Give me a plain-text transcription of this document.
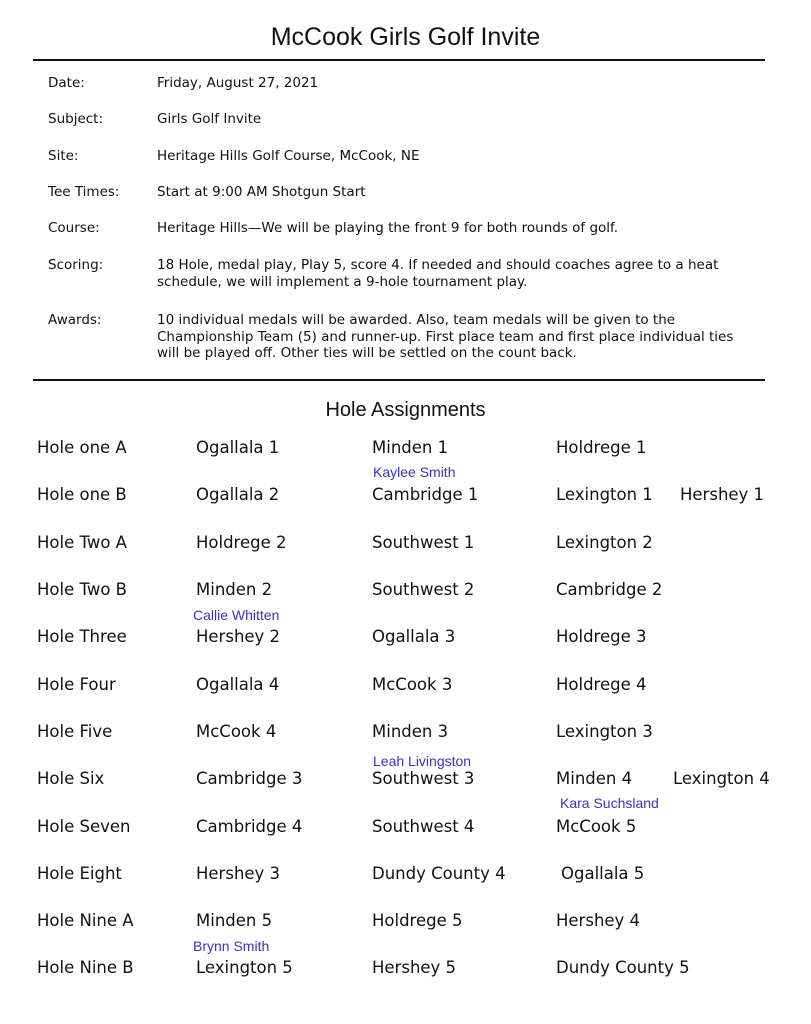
McCook Girls Golf Invite
Date:	Friday, August 27, 2021
Subject:	Girls Golf Invite
Site:	Heritage Hills Golf Course, McCook, NE
Tee Times:	Start at 9:00 AM Shotgun Start
Course:	Heritage Hills—We will be playing the front 9 for both rounds of golf.
Scoring:	18 Hole, medal play, Play 5, score 4. If needed and should coaches agree to a heat
schedule, we will implement a 9-hole tournament play.
Awards:	10 individual medals will be awarded. Also, team medals will be given to the
Championship Team (5) and runner-up. First place team and first place individual ties
will be played off. Other ties will be settled on the count back.
Hole Assignments
Hole one A	Ogallala 1	Minden 1	Holdrege 1
Kaylee Smith
Hole one B	Ogallala 2	Cambridge 1	Lexington 1 Hershey 1
Hole Two A	Holdrege 2	Southwest 1	Lexington 2
Hole Two B	Minden 2	Southwest 2	Cambridge 2
Callie Whitten
Hole Three	Hershey 2	Ogallala 3	Holdrege 3
Hole Four	Ogallala 4	McCook 3	Holdrege 4
Hole Five	McCook 4	Minden 3	Lexington 3
Leah Livingston
Hole Six	Cambridge 3	Southwest 3	Minden 4 Lexington 4
Kara Suchsland
Hole Seven	Cambridge 4	Southwest 4	McCook 5
Hole Eight	Hershey 3	Dundy County 4	Ogallala 5
Hole Nine A	Minden 5	Holdrege 5	Hershey 4
Brynn Smith
Hole Nine B	Lexington 5	Hershey 5	Dundy County 5
